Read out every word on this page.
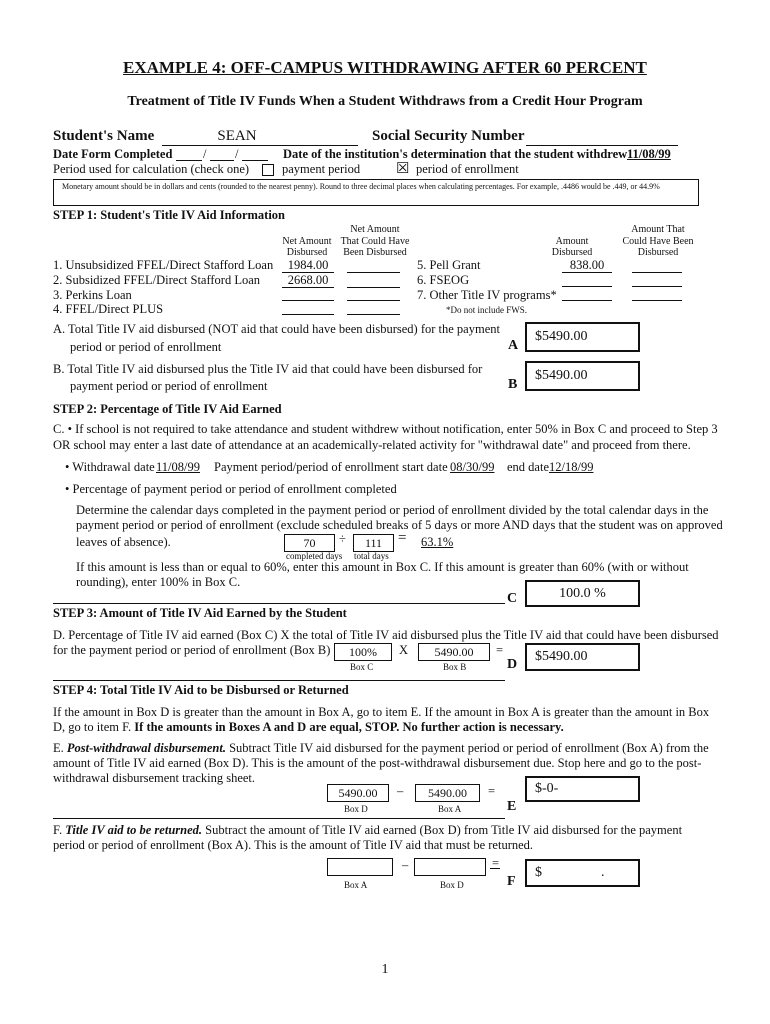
EXAMPLE 4: OFF-CAMPUS WITHDRAWING AFTER 60 PERCENT
Treatment of Title IV Funds When a Student Withdraws from a Credit Hour Program
Student's Name	SEAN	Social Security Number
Date Form Completed / /	Date of the institution's determination that the student withdrew 11/08/99
Period used for calculation (check one)	payment period ☒ period of enrollment
Monetary amount should be in dollars and cents (rounded to the nearest penny). Round to three decimal places when calculating percentages. For example, .4486 would be .449, or 44.9%
STEP 1: Student's Title IV Aid Information
Net Amount
Disbursed
Net Amount
That Could Have
Been Disbursed
Amount
Disbursed
Amount That
Could Have Been
Disbursed
1. Unsubsidized FFEL/Direct Stafford Loan	1984.00
2. Subsidized FFEL/Direct Stafford Loan	2668.00
3. Perkins Loan
4. FFEL/Direct PLUS
5. Pell Grant	838.00
6. FSEOG
7. Other Title IV programs*
*Do not include FWS.
A. Total Title IV aid disbursed (NOT aid that could have been disbursed) for the payment
period or period of enrollment	A
$5490.00
B. Total Title IV aid disbursed plus the Title IV aid that could have been disbursed for
payment period or period of enrollment	B
$5490.00
STEP 2: Percentage of Title IV Aid Earned
C. • If school is not required to take attendance and student withdrew without notification, enter 50% in Box C and proceed to Step 3
OR school may enter a last date of attendance at an academically-related activity for "withdrawal date" and proceed from there.
• Withdrawal date 11/08/99 Payment period/period of enrollment start date 08/30/99 end date 12/18/99
• Percentage of payment period or period of enrollment completed
Determine the calendar days completed in the payment period or period of enrollment divided by the total calendar days in the
payment period or period of enrollment (exclude scheduled breaks of 5 days or more AND days that the student was on approved
leaves of absence).	70	÷	111	= 63.1%
completed days total days
If this amount is less than or equal to 60%, enter this amount in Box C. If this amount is greater than 60% (with or without
rounding), enter 100% in Box C.
C	100.0 %
STEP 3: Amount of Title IV Aid Earned by the Student
D. Percentage of Title IV aid earned (Box C) X the total of Title IV aid disbursed plus the Title IV aid that could have been disbursed
for the payment period or period of enrollment (Box B)	100%	X	5490.00	=
Box C	Box B	D
$5490.00
STEP 4: Total Title IV Aid to be Disbursed or Returned
If the amount in Box D is greater than the amount in Box A, go to item E. If the amount in Box A is greater than the amount in Box
D, go to item F. If the amounts in Boxes A and D are equal, STOP. No further action is necessary.
E. Post-withdrawal disbursement. Subtract Title IV aid disbursed for the payment period or period of enrollment (Box A) from the
amount of Title IV aid earned (Box D). This is the amount of the post-withdrawal disbursement due. Stop here and go to the post-
withdrawal disbursement tracking sheet.
5490.00	–	5490.00	=
Box D	Box A	E
$-0-
F. Title IV aid to be returned. Subtract the amount of Title IV aid earned (Box D) from Title IV aid disbursed for the payment
period or period of enrollment (Box A). This is the amount of Title IV aid that must be returned.
–	=
Box A	Box D	F
$	.
1
